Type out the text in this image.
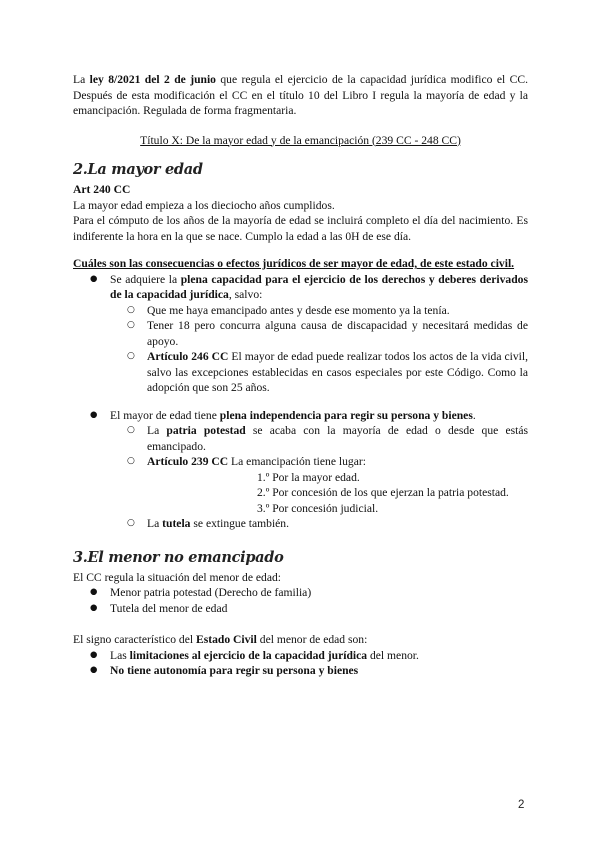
La ley 8/2021 del 2 de junio que regula el ejercicio de la capacidad jurídica modifico el CC. Después de esta modificación el CC en el título 10 del Libro I regula la mayoría de edad y la emancipación. Regulada de forma fragmentaria.

Título X: De la mayor edad y de la emancipación (239 CC - 248 CC)

2.La mayor edad

Art 240 CC

La mayor edad empieza a los dieciocho años cumplidos.

Para el cómputo de los años de la mayoría de edad se incluirá completo el día del nacimiento. Es indiferente la hora en la que se nace. Cumplo la edad a las 0H de ese día.

Cuáles son las consecuencias o efectos jurídicos de ser mayor de edad, de este estado civil.

● Se adquiere la plena capacidad para el ejercicio de los derechos y deberes derivados de la capacidad jurídica, salvo:
○ Que me haya emancipado antes y desde ese momento ya la tenía.
○ Tener 18 pero concurra alguna causa de discapacidad y necesitará medidas de apoyo.
○ Artículo 246 CC El mayor de edad puede realizar todos los actos de la vida civil, salvo las excepciones establecidas en casos especiales por este Código. Como la adopción que son 25 años.
● El mayor de edad tiene plena independencia para regir su persona y bienes.
○ La patria potestad se acaba con la mayoría de edad o desde que estás emancipado.
○ Artículo 239 CC La emancipación tiene lugar:
1.º Por la mayor edad.
2.º Por concesión de los que ejerzan la patria potestad.
3.º Por concesión judicial.
○ La tutela se extingue también.
3.El menor no emancipado

El CC regula la situación del menor de edad:

● Menor patria potestad (Derecho de familia)
● Tutela del menor de edad

El signo característico del Estado Civil del menor de edad son:

● Las limitaciones al ejercicio de la capacidad jurídica del menor.
● No tiene autonomía para regir su persona y bienes
2
